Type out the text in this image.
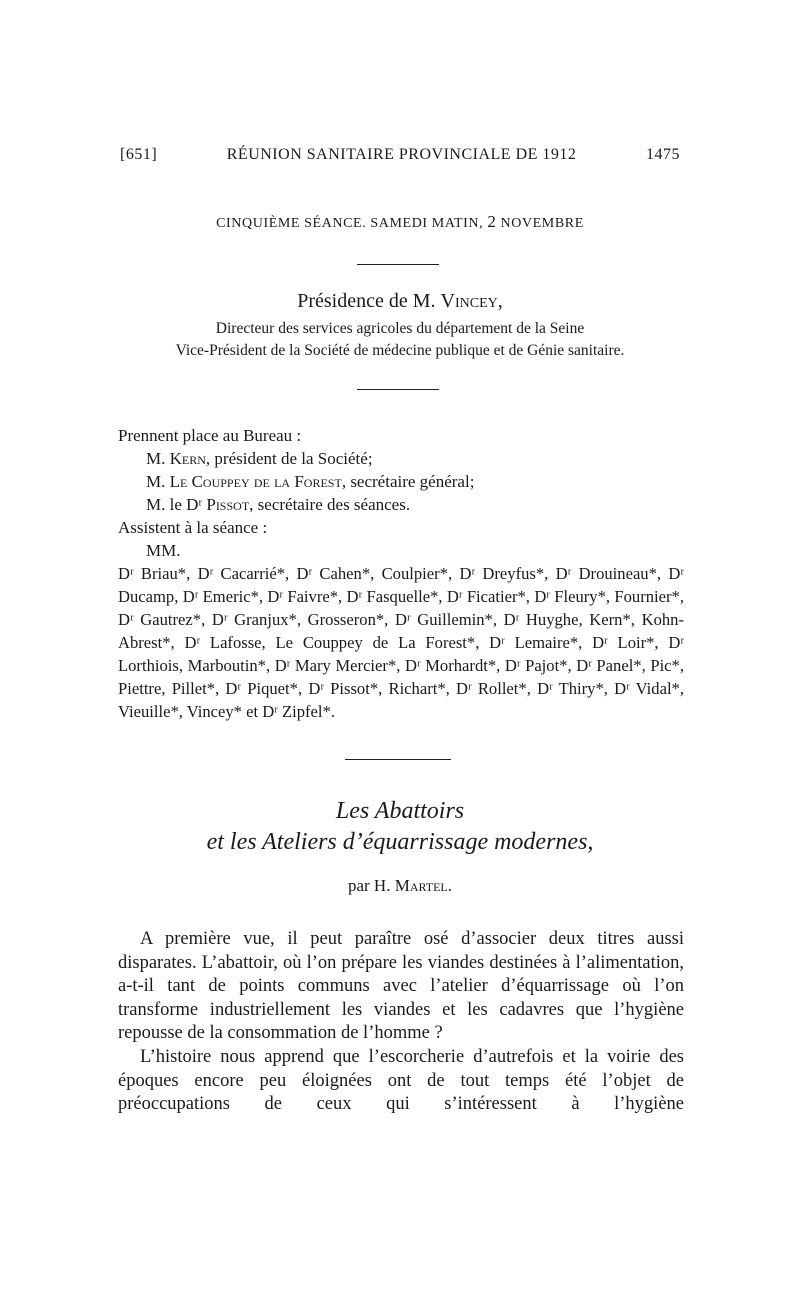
[651]	RÉUNION SANITAIRE PROVINCIALE DE 1912	1475
CINQUIÈME SÉANCE. SAMEDI MATIN, 2 NOVEMBRE
Présidence de M. Vincey,
Directeur des services agricoles du département de la Seine
Vice-Président de la Société de médecine publique et de Génie sanitaire.
Prennent place au Bureau :
M. Kern, président de la Société;
M. Le Couppey de la Forest, secrétaire général;
M. le Dʳ Pissot, secrétaire des séances.
Assistent à la séance :
MM.
Dʳ Briau*, Dʳ Cacarrié*, Dʳ Cahen*, Coulpier*, Dʳ Dreyfus*, Dʳ Drouineau*, Dʳ Ducamp, Dʳ Emeric*, Dʳ Faivre*, Dʳ Fasquelle*, Dʳ Ficatier*, Dʳ Fleury*, Fournier*, Dʳ Gautrez*, Dʳ Granjux*, Grosseron*, Dʳ Guillemin*, Dʳ Huyghe, Kern*, Kohn-Abrest*, Dʳ Lafosse, Le Couppey de La Forest*, Dʳ Lemaire*, Dʳ Loir*, Dʳ Lorthiois, Marboutin*, Dʳ Mary Mercier*, Dʳ Morhardt*, Dʳ Pajot*, Dʳ Panel*, Pic*, Piettre, Pillet*, Dʳ Piquet*, Dʳ Pissot*, Richart*, Dʳ Rollet*, Dʳ Thiry*, Dʳ Vidal*, Vieuille*, Vincey* et Dʳ Zipfel*.
Les Abattoirs
et les Ateliers d’équarrissage modernes,
par H. Martel.

A première vue, il peut paraître osé d’associer deux titres aussi disparates. L’abattoir, où l’on prépare les viandes destinées à l’alimentation, a-t-il tant de points communs avec l’atelier d’équarrissage où l’on transforme industriellement les viandes et les cadavres que l’hygiène repousse de la consommation de l’homme ?

L’histoire nous apprend que l’escorcherie d’autrefois et la voirie des époques encore peu éloignées ont de tout temps été l’objet de préoccupations de ceux qui s’intéressent à l’hygiène
